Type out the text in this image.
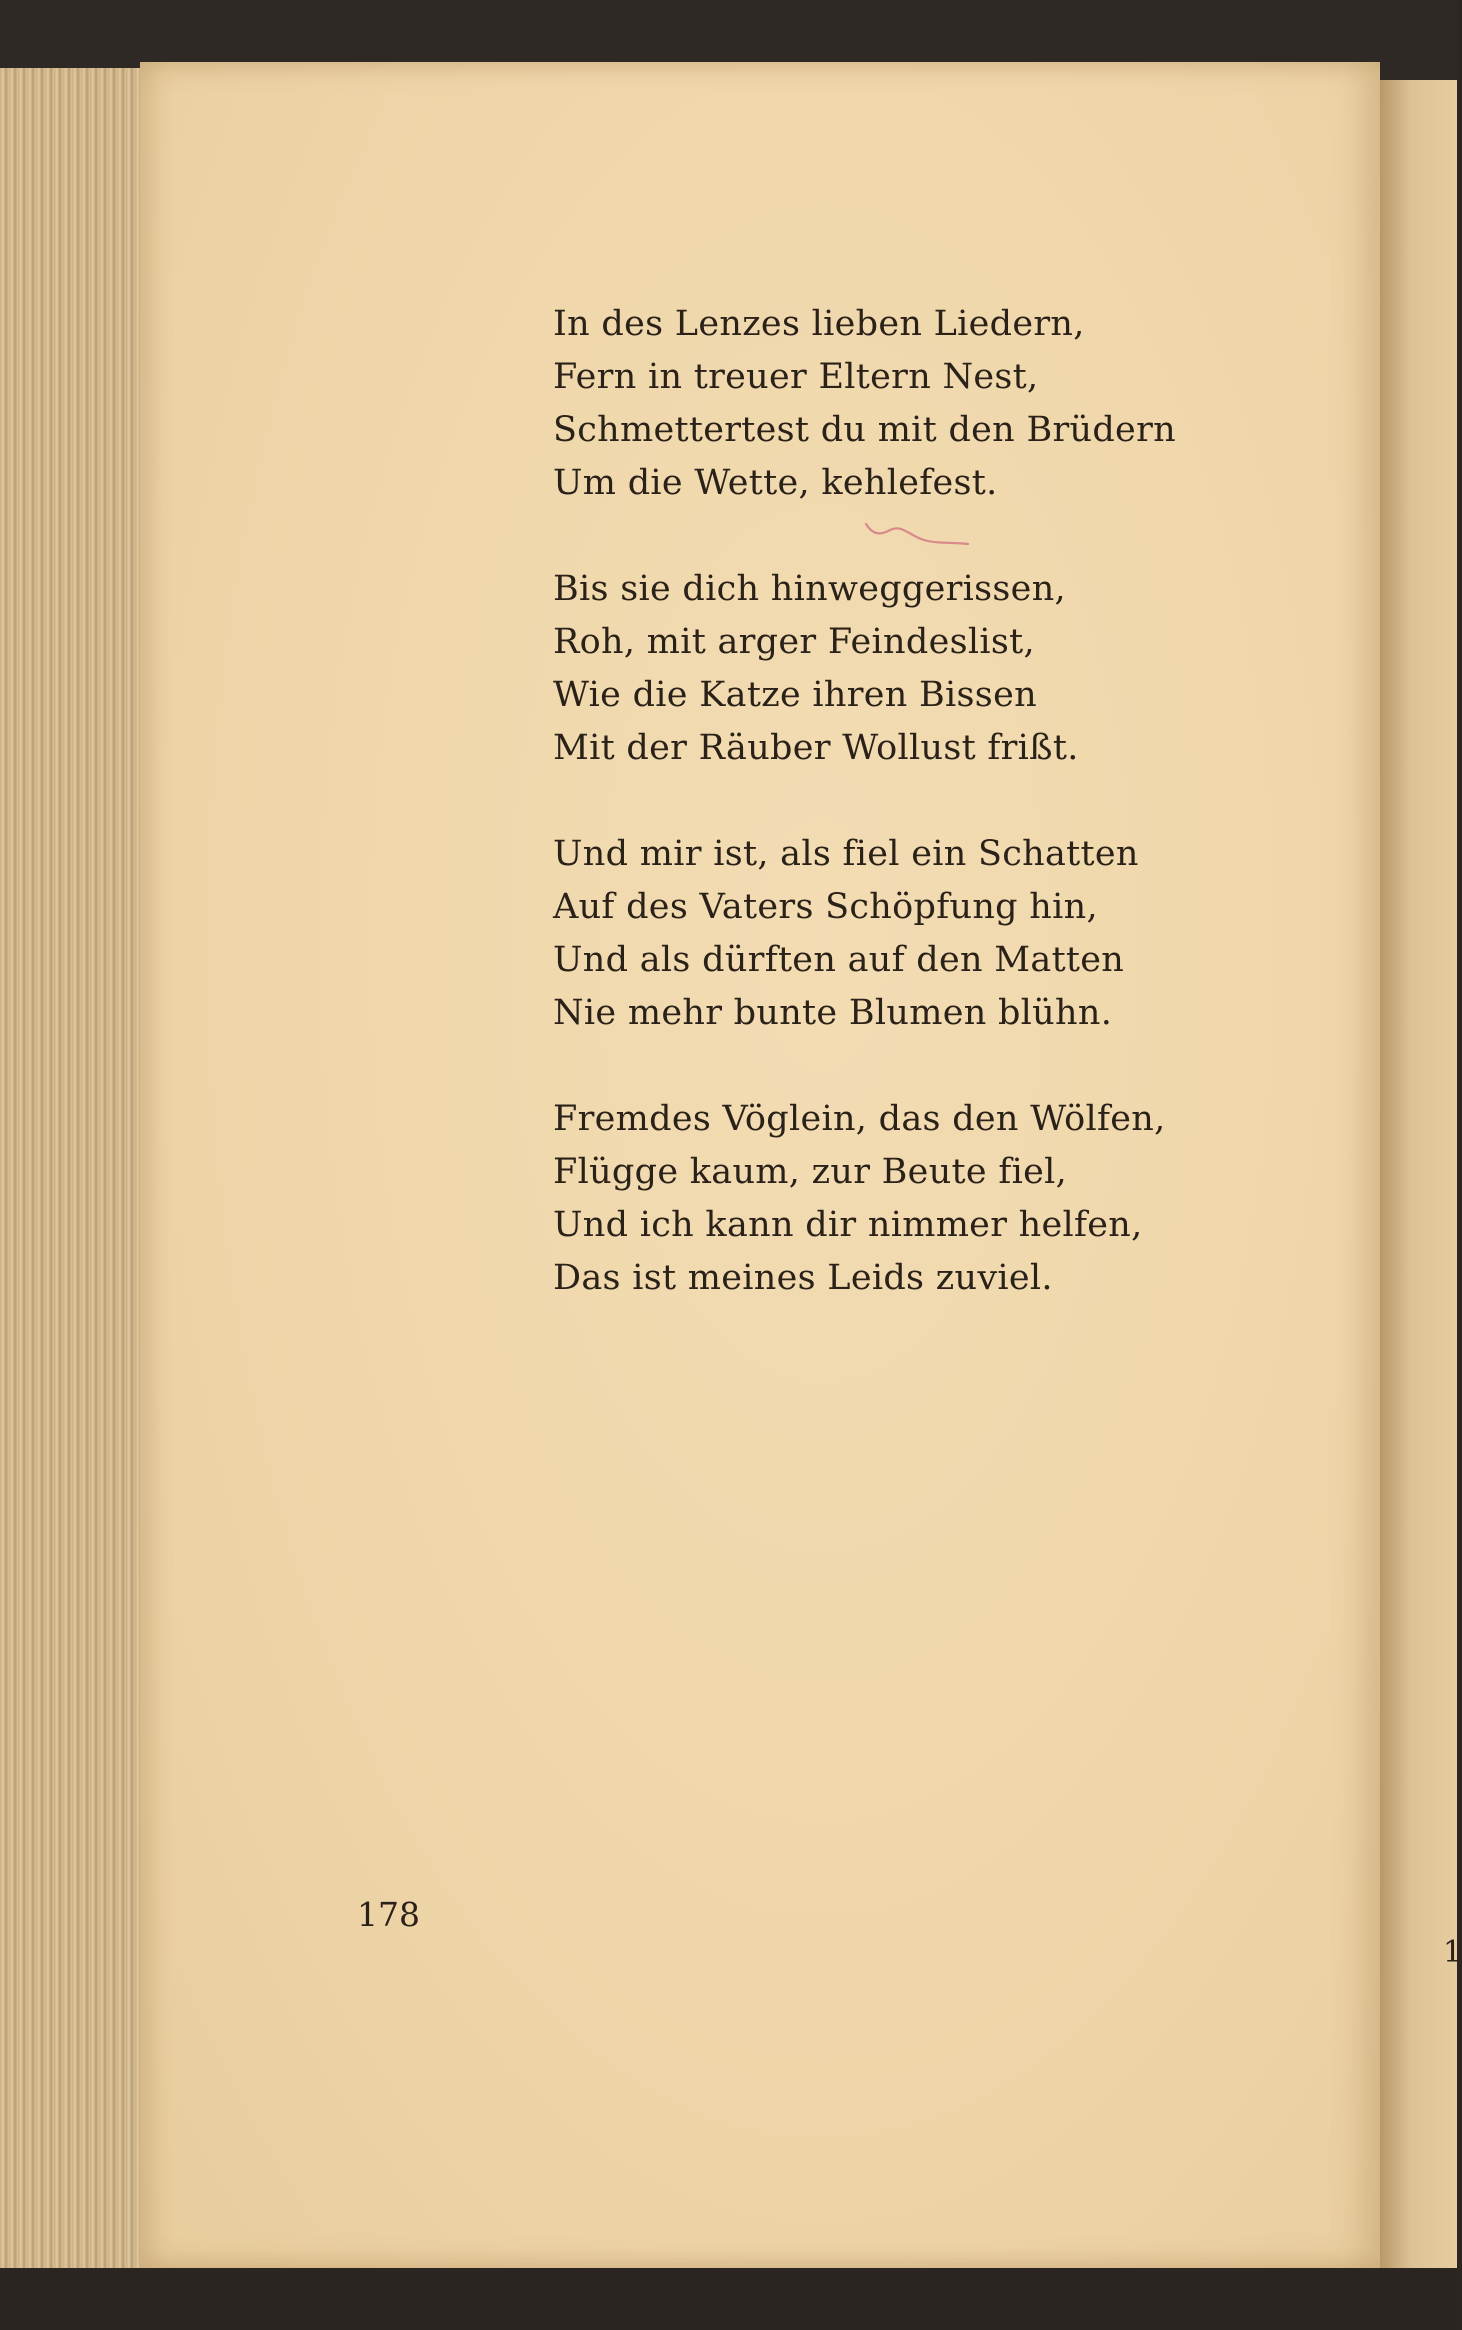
1
In des Lenzes lieben Liedern,
Fern in treuer Eltern Nest,
Schmettertest du mit den Brüdern
Um die Wette, kehlefest.
Bis sie dich hinweggerissen,
Roh, mit arger Feindeslist,
Wie die Katze ihren Bissen
Mit der Räuber Wollust frißt.
Und mir ist, als fiel ein Schatten
Auf des Vaters Schöpfung hin,
Und als dürften auf den Matten
Nie mehr bunte Blumen blühn.
Fremdes Vöglein, das den Wölfen,
Flügge kaum, zur Beute fiel,
Und ich kann dir nimmer helfen,
Das ist meines Leids zuviel.
178
